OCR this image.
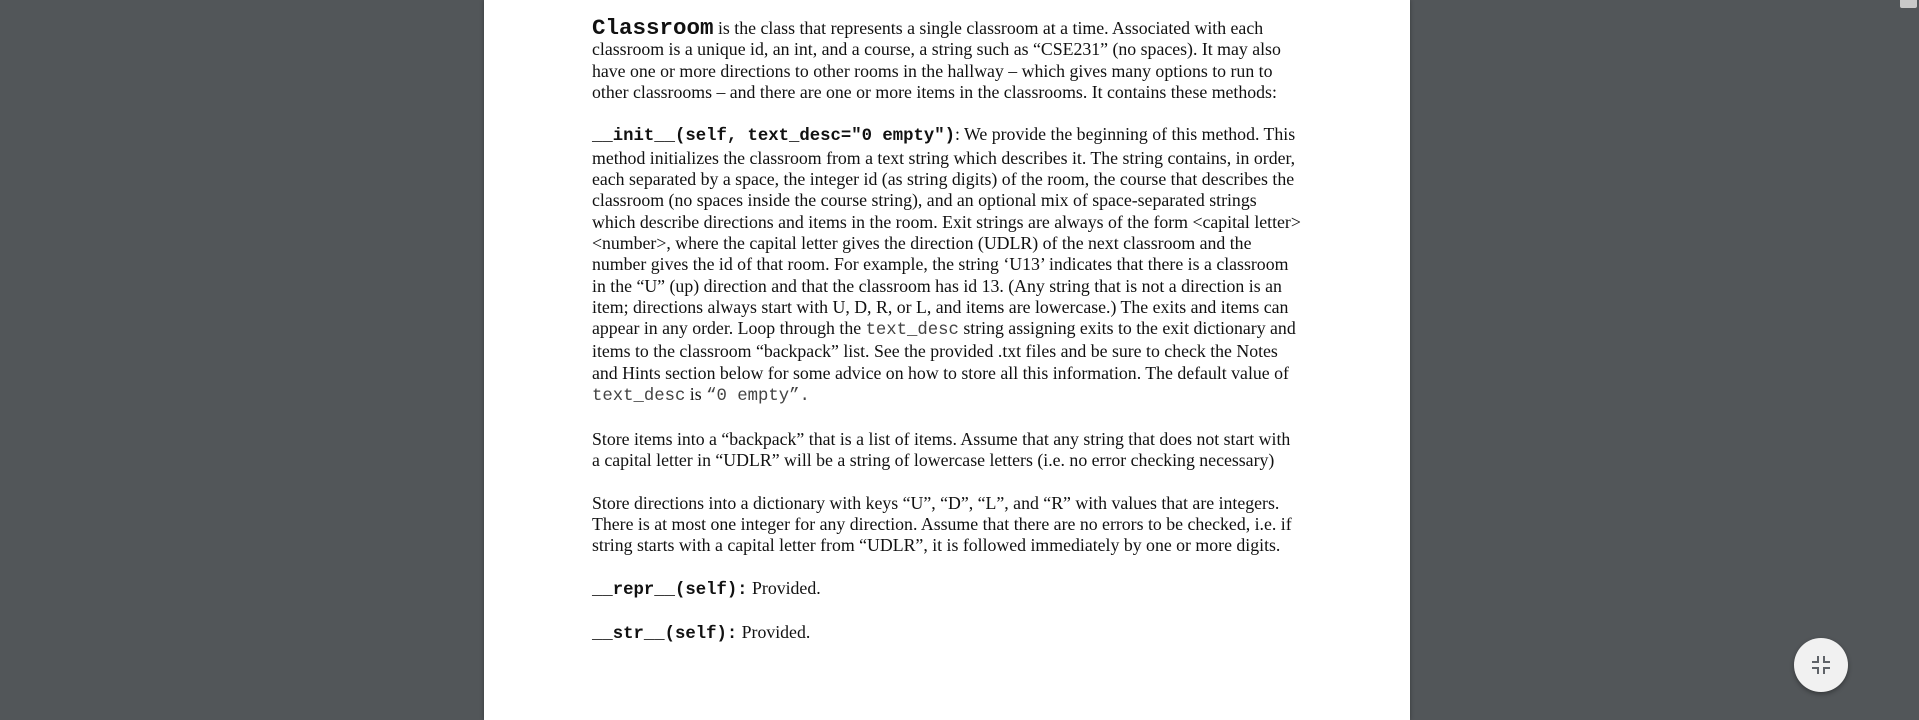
Classroom is the class that represents a single classroom at a time. Associated with each classroom is a unique id, an int, and a course, a string such as “CSE231” (no spaces). It may also have one or more directions to other rooms in the hallway – which gives many options to run to other classrooms – and there are one or more items in the classrooms. It contains these methods:

__init__(self, text_desc="0 empty"): We provide the beginning of this method. This method initializes the classroom from a text string which describes it. The string contains, in order, each separated by a space, the integer id (as string digits) of the room, the course that describes the classroom (no spaces inside the course string), and an optional mix of space-separated strings which describe directions and items in the room. Exit strings are always of the form <capital letter><number>, where the capital letter gives the direction (UDLR) of the next classroom and the number gives the id of that room. For example, the string ‘U13’ indicates that there is a classroom in the “U” (up) direction and that the classroom has id 13. (Any string that is not a direction is an item; directions always start with U, D, R, or L, and items are lowercase.) The exits and items can appear in any order. Loop through the text_desc string assigning exits to the exit dictionary and items to the classroom “backpack” list. See the provided .txt files and be sure to check the Notes and Hints section below for some advice on how to store all this information. The default value of text_desc is “0 empty”.

Store items into a “backpack” that is a list of items. Assume that any string that does not start with a capital letter in “UDLR” will be a string of lowercase letters (i.e. no error checking necessary)

Store directions into a dictionary with keys “U”, “D”, “L”, and “R” with values that are integers. There is at most one integer for any direction. Assume that there are no errors to be checked, i.e. if string starts with a capital letter from “UDLR”, it is followed immediately by one or more digits.

__repr__(self): Provided.

__str__(self): Provided.
